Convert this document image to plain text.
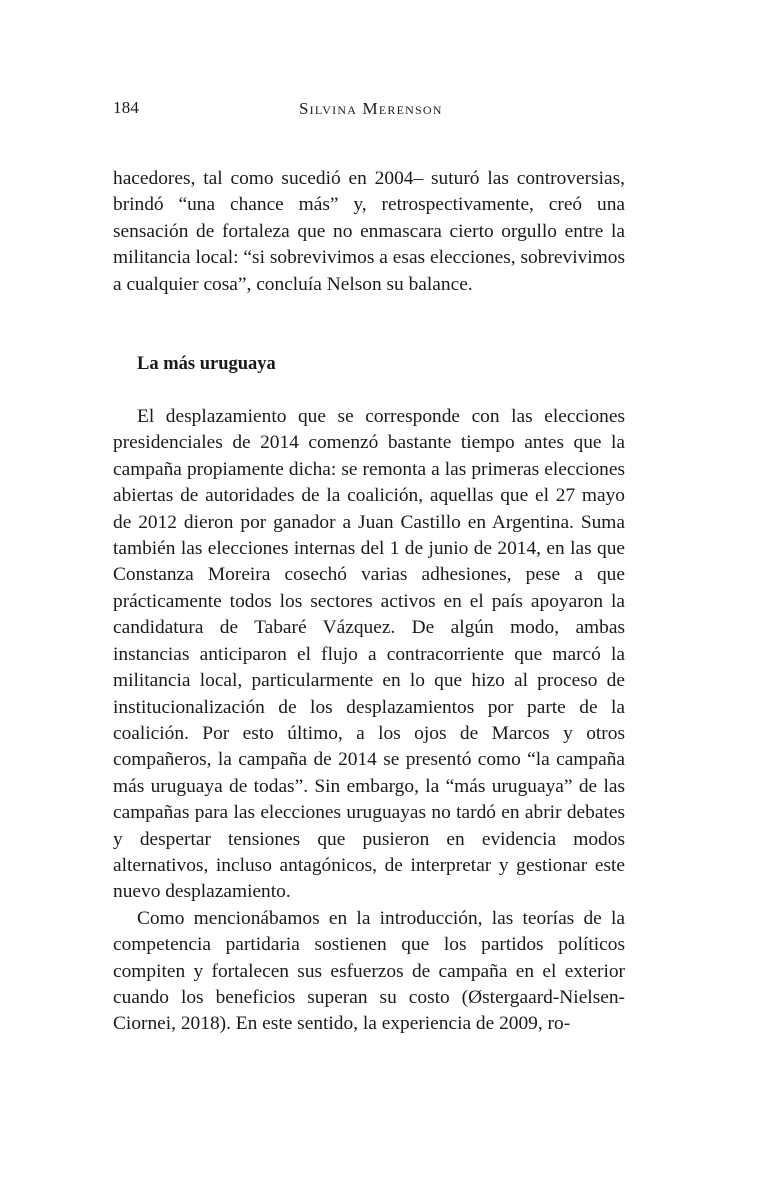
184	Silvina Merenson

hacedores, tal como sucedió en 2004– suturó las controversias, brindó “una chance más” y, retrospectivamente, creó una sensación de fortaleza que no enmascara cierto orgullo entre la militancia local: “si sobrevivimos a esas elecciones, sobrevivimos a cualquier cosa”, concluía Nelson su balance.

La más uruguaya

El desplazamiento que se corresponde con las elecciones presidenciales de 2014 comenzó bastante tiempo antes que la campaña propiamente dicha: se remonta a las primeras elecciones abiertas de autoridades de la coalición, aquellas que el 27 mayo de 2012 dieron por ganador a Juan Castillo en Argentina. Suma también las elecciones internas del 1 de junio de 2014, en las que Constanza Moreira cosechó varias adhesiones, pese a que prácticamente todos los sectores activos en el país apoyaron la candidatura de Tabaré Vázquez. De algún modo, ambas instancias anticiparon el flujo a contracorriente que marcó la militancia local, particularmente en lo que hizo al proceso de institucionalización de los desplazamientos por parte de la coalición. Por esto último, a los ojos de Marcos y otros compañeros, la campaña de 2014 se presentó como “la campaña más uruguaya de todas”. Sin embargo, la “más uruguaya” de las campañas para las elecciones uruguayas no tardó en abrir debates y despertar tensiones que pusieron en evidencia modos alternativos, incluso antagónicos, de interpretar y gestionar este nuevo desplazamiento.

Como mencionábamos en la introducción, las teorías de la competencia partidaria sostienen que los partidos políticos compiten y fortalecen sus esfuerzos de campaña en el exterior cuando los beneficios superan su costo (Østergaard-Nielsen-Ciornei, 2018). En este sentido, la experiencia de 2009, ro-
